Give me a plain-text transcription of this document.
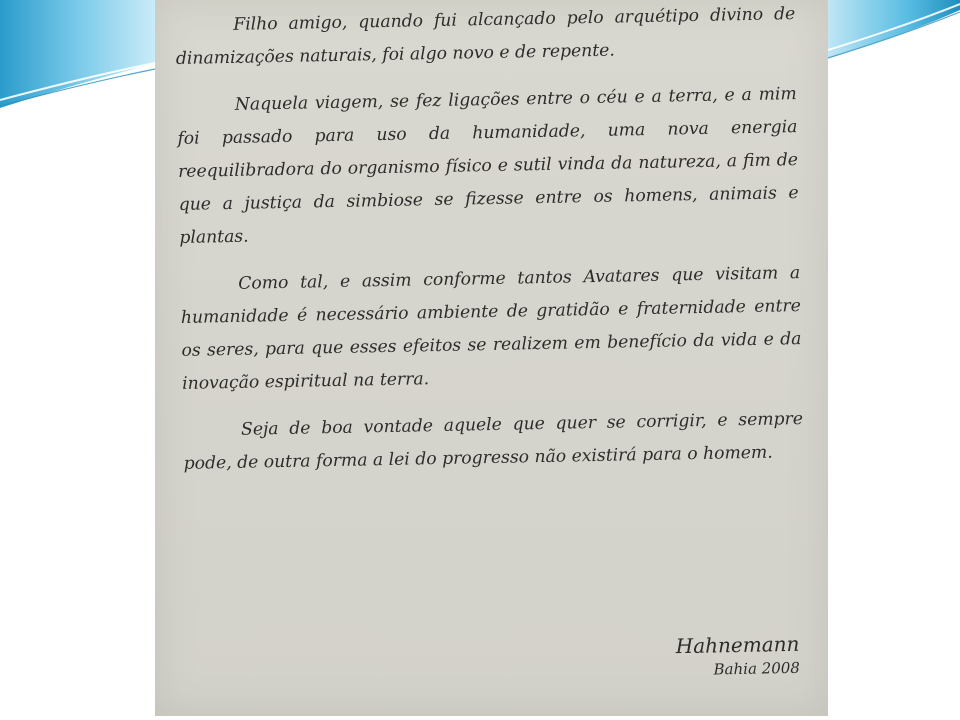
Filho amigo, quando fui alcançado pelo arquétipo divino de dinamizações naturais, foi algo novo e de repente.

Naquela viagem, se fez ligações entre o céu e a terra, e a mim foi passado para uso da humanidade, uma nova energia reequilibradora do organismo físico e sutil vinda da natureza, a fim de que a justiça da simbiose se fizesse entre os homens, animais e plantas.

Como tal, e assim conforme tantos Avatares que visitam a humanidade é necessário ambiente de gratidão e fraternidade entre os seres, para que esses efeitos se realizem em benefício da vida e da inovação espiritual na terra.

Seja de boa vontade aquele que quer se corrigir, e sempre pode, de outra forma a lei do progresso não existirá para o homem.

Hahnemann
Bahia 2008
